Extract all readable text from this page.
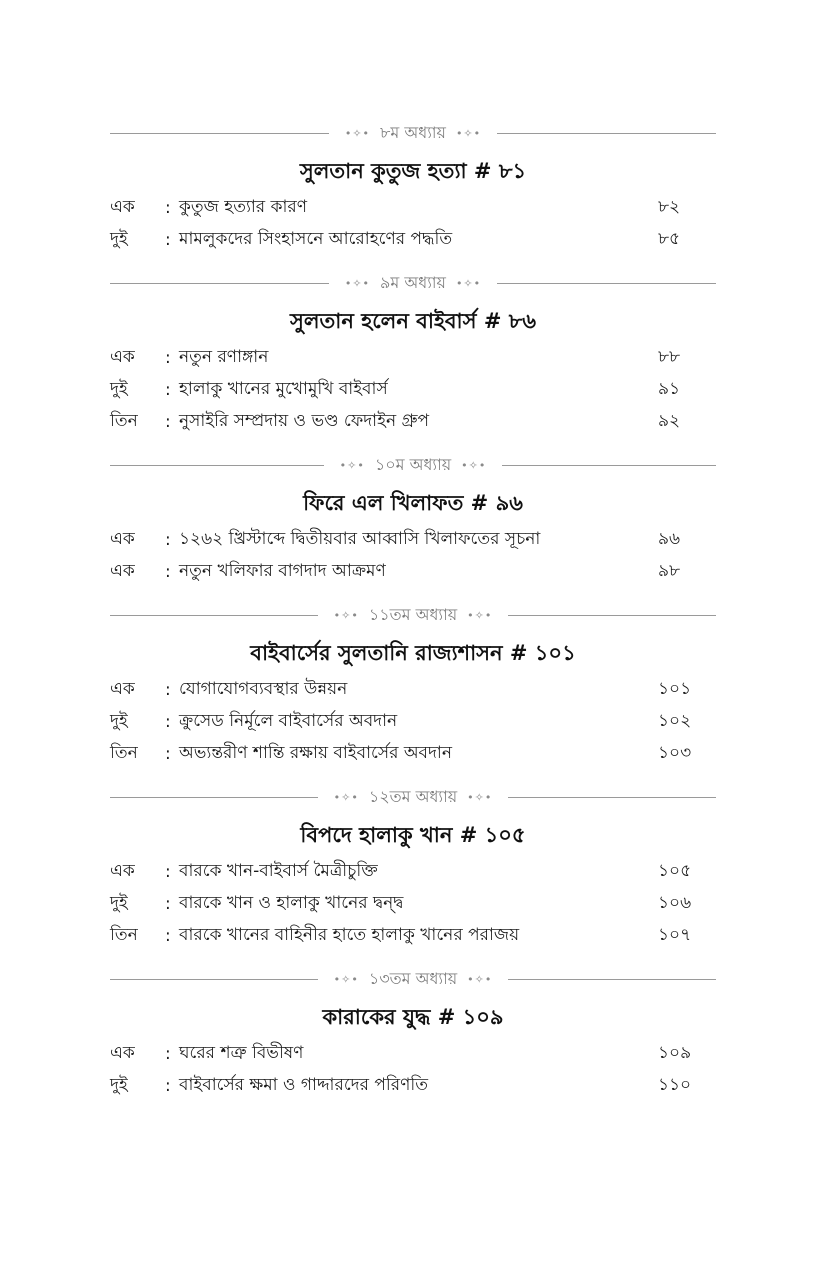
•✧• ৮ম অধ্যায় •✧•
সুলতান কুতুজ হত্যা # ৮১
এক	: কুতুজ হত্যার কারণ	৮২
দুই	: মামলুকদের সিংহাসনে আরোহণের পদ্ধতি	৮৫
•✧• ৯ম অধ্যায় •✧•
সুলতান হলেন বাইবার্স # ৮৬
এক	: নতুন রণাঙ্গান	৮৮
দুই	: হালাকু খানের মুখোমুখি বাইবার্স	৯১
তিন	: নুসাইরি সম্প্রদায় ও ভণ্ড ফেদাইন গ্রুপ	৯২
•✧• ১০ম অধ্যায় •✧•
ফিরে এল খিলাফত # ৯৬
এক	: ১২৬২ খ্রিস্টাব্দে দ্বিতীয়বার আব্বাসি খিলাফতের সূচনা	৯৬
এক	: নতুন খলিফার বাগদাদ আক্রমণ	৯৮
•✧• ১১তম অধ্যায় •✧•
বাইবার্সের সুলতানি রাজ্যশাসন # ১০১
এক	: যোগাযোগব্যবস্থার উন্নয়ন	১০১
দুই	: ক্রুসেড নির্মূলে বাইবার্সের অবদান	১০২
তিন	: অভ্যন্তরীণ শান্তি রক্ষায় বাইবার্সের অবদান	১০৩
•✧• ১২তম অধ্যায় •✧•
বিপদে হালাকু খান # ১০৫
এক	: বারকে খান-বাইবার্স মৈত্রীচুক্তি	১০৫
দুই	: বারকে খান ও হালাকু খানের দ্বন্দ্ব	১০৬
তিন	: বারকে খানের বাহিনীর হাতে হালাকু খানের পরাজয়	১০৭
•✧• ১৩তম অধ্যায় •✧•
কারাকের যুদ্ধ # ১০৯
এক	: ঘরের শত্রু বিভীষণ	১০৯
দুই	: বাইবার্সের ক্ষমা ও গাদ্দারদের পরিণতি	১১০
